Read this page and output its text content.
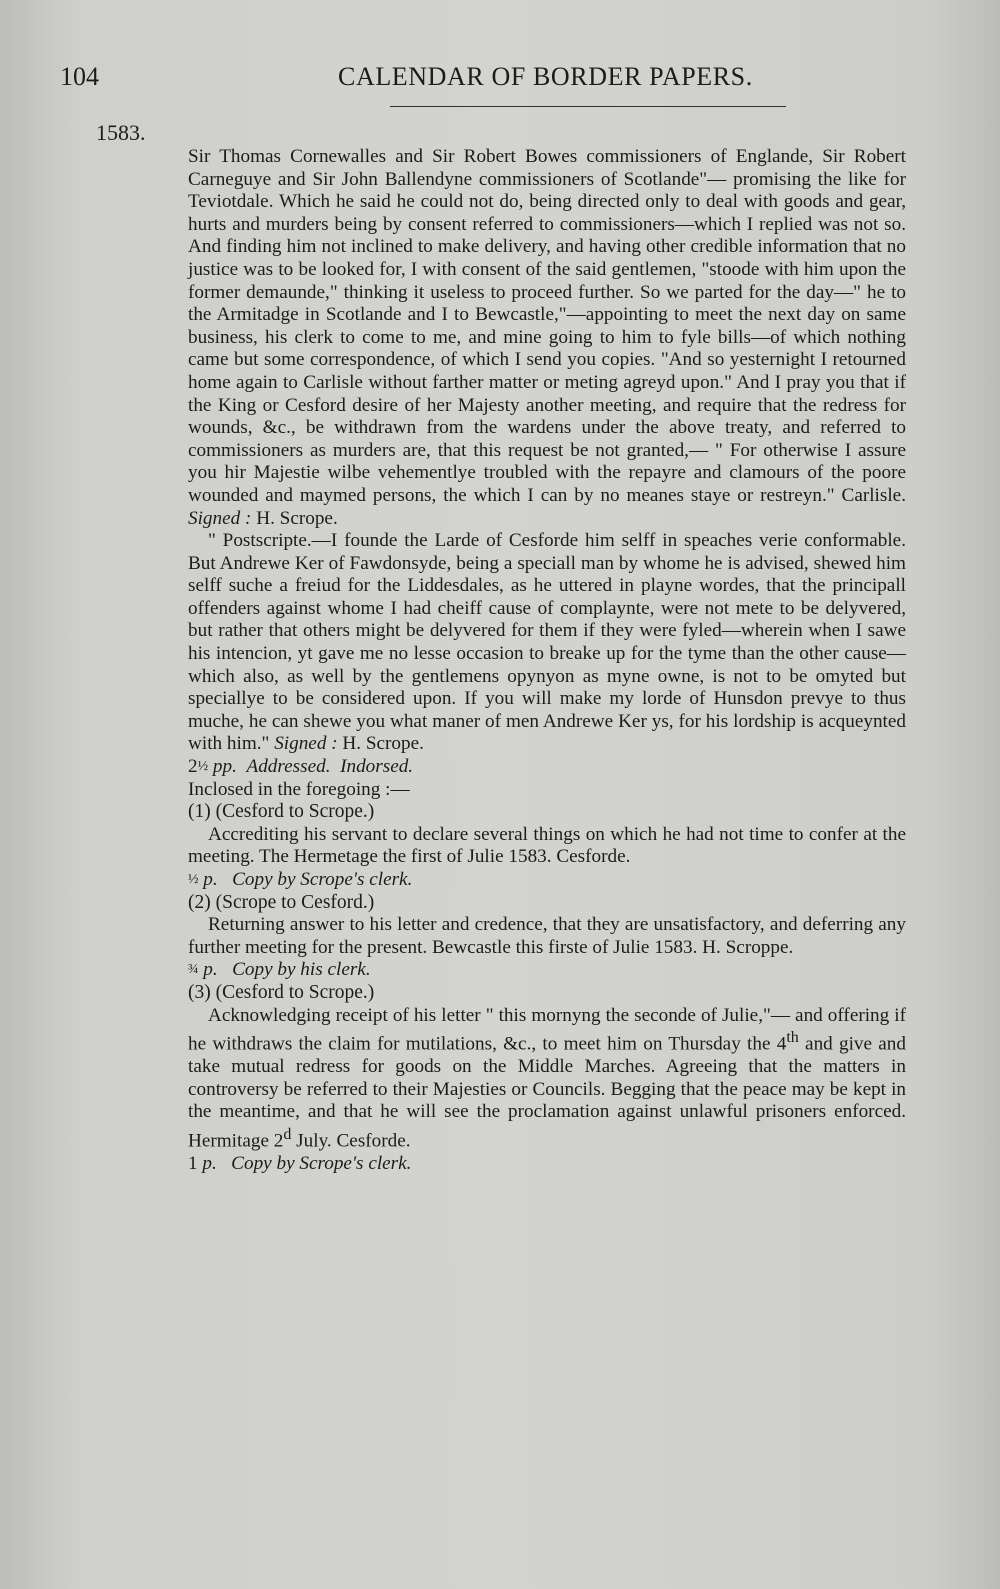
104	CALENDAR OF BORDER PAPERS.
1583.

Sir Thomas Cornewalles and Sir Robert Bowes commissioners of Englande, Sir Robert Carneguye and Sir John Ballendyne commissioners of Scotlande"— promising the like for Teviotdale. Which he said he could not do, being directed only to deal with goods and gear, hurts and murders being by consent referred to commissioners—which I replied was not so. And finding him not inclined to make delivery, and having other credible information that no justice was to be looked for, I with consent of the said gentlemen, "stoode with him upon the former demaunde," thinking it useless to proceed further. So we parted for the day—" he to the Armitadge in Scotlande and I to Bewcastle,"—appointing to meet the next day on same business, his clerk to come to me, and mine going to him to fyle bills—of which nothing came but some correspondence, of which I send you copies. "And so yesternight I retourned home again to Carlisle without farther matter or meting agreyd upon." And I pray you that if the King or Cesford desire of her Majesty another meeting, and require that the redress for wounds, &c., be withdrawn from the wardens under the above treaty, and referred to commissioners as murders are, that this request be not granted,— " For otherwise I assure you hir Majestie wilbe vehementlye troubled with the repayre and clamours of the poore wounded and maymed persons, the which I can by no meanes staye or restreyn." Carlisle. Signed : H. Scrope.

" Postscripte.—I founde the Larde of Cesforde him selff in speaches verie conformable. But Andrewe Ker of Fawdonsyde, being a speciall man by whome he is advised, shewed him selff suche a freiud for the Liddesdales, as he uttered in playne wordes, that the principall offenders against whome I had cheiff cause of complaynte, were not mete to be delyvered, but rather that others might be delyvered for them if they were fyled—wherein when I sawe his intencion, yt gave me no lesse occasion to breake up for the tyme than the other cause—which also, as well by the gentlemens opynyon as myne owne, is not to be omyted but speciallye to be considered upon. If you will make my lorde of Hunsdon prevye to thus muche, he can shewe you what maner of men Andrewe Ker ys, for his lordship is acqueynted with him." Signed : H. Scrope.

2½ pp. Addressed. Indorsed.

Inclosed in the foregoing :—

(1) (Cesford to Scrope.)

Accrediting his servant to declare several things on which he had not time to confer at the meeting. The Hermetage the first of Julie 1583. Cesforde.

½ p. Copy by Scrope's clerk.

(2) (Scrope to Cesford.)

Returning answer to his letter and credence, that they are unsatisfactory, and deferring any further meeting for the present. Bewcastle this firste of Julie 1583. H. Scroppe.

¾ p. Copy by his clerk.

(3) (Cesford to Scrope.)

Acknowledging receipt of his letter " this mornyng the seconde of Julie,"— and offering if he withdraws the claim for mutilations, &c., to meet him on Thursday the 4th and give and take mutual redress for goods on the Middle Marches. Agreeing that the matters in controversy be referred to their Majesties or Councils. Begging that the peace may be kept in the meantime, and that he will see the proclamation against unlawful prisoners enforced. Hermitage 2$^d$ July. Cesforde.

1 p. Copy by Scrope's clerk.
